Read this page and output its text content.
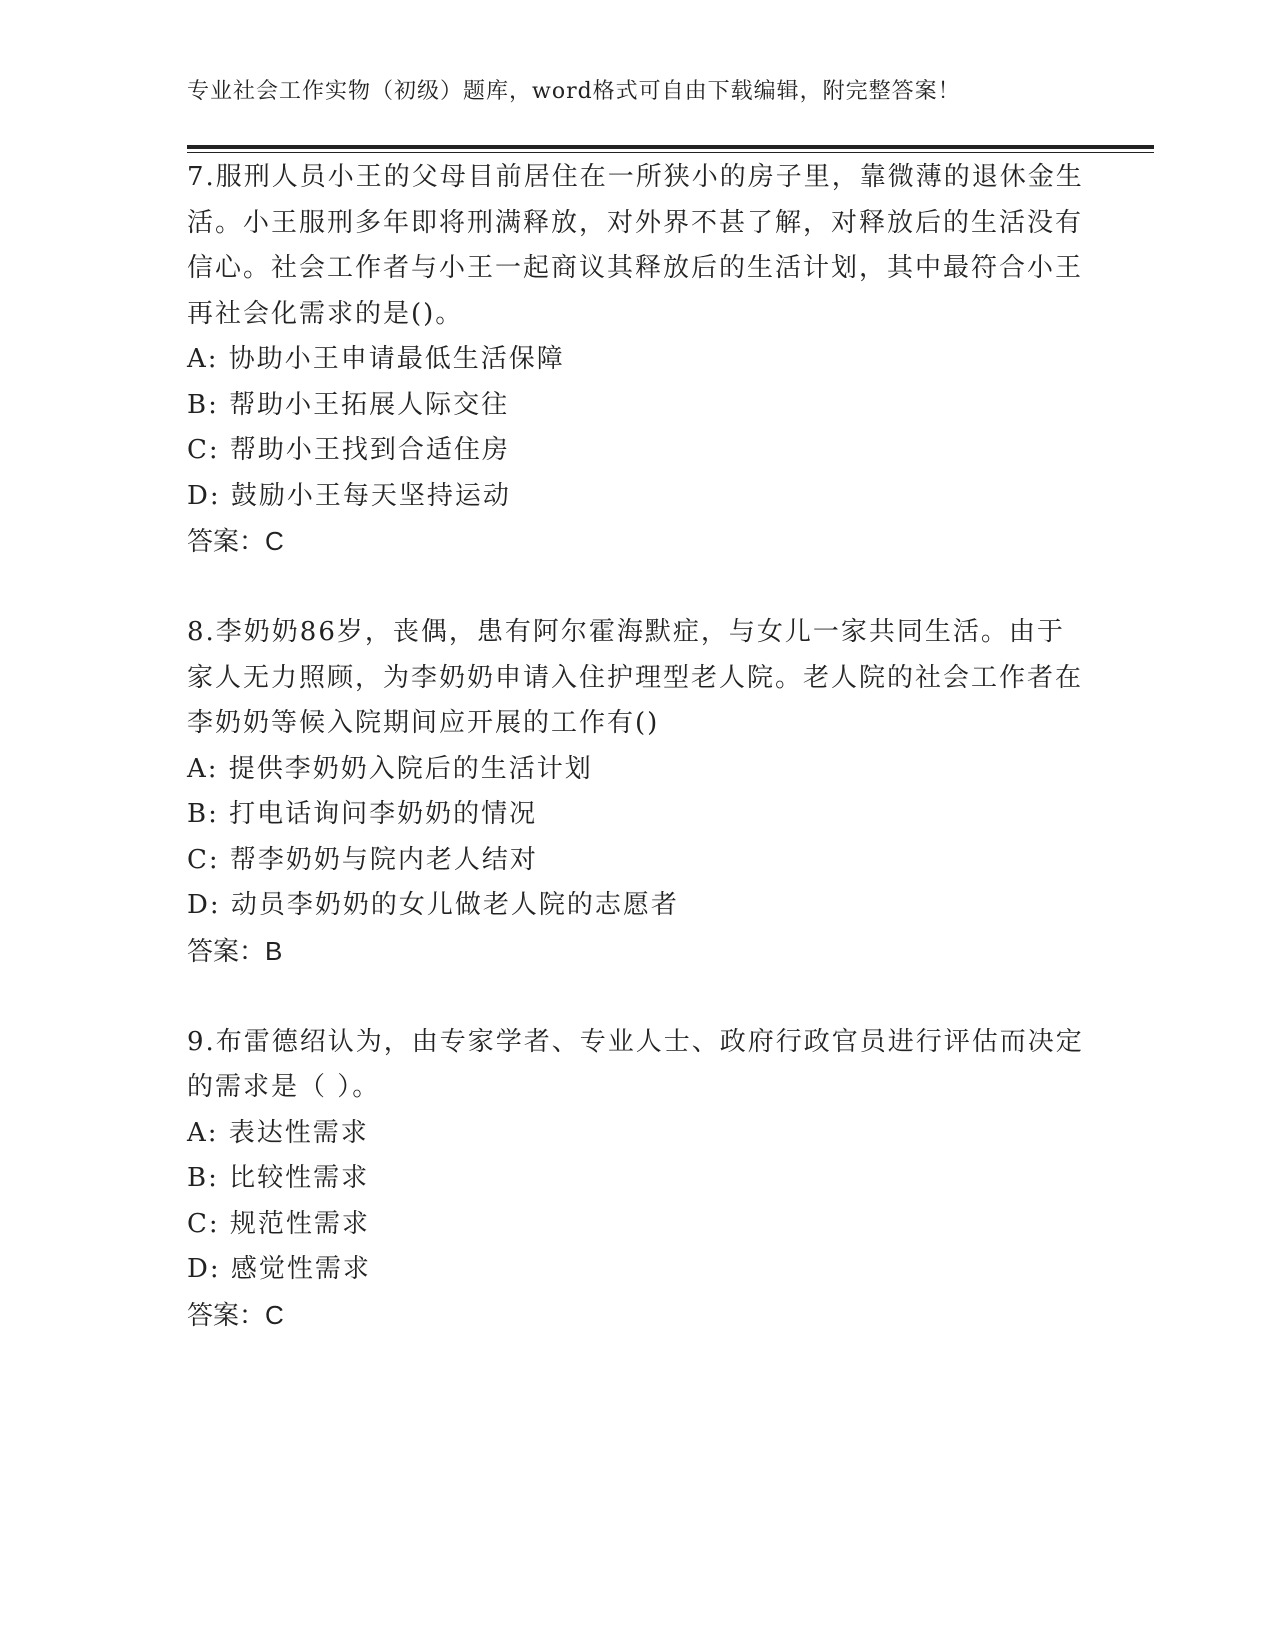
专业社会工作实物（初级）题库，word格式可自由下载编辑，附完整答案！
7.服刑人员小王的父母目前居住在一所狭小的房子里，靠微薄的退休金生活。小王服刑多年即将刑满释放，对外界不甚了解，对释放后的生活没有信心。社会工作者与小王一起商议其释放后的生活计划，其中最符合小王再社会化需求的是()。
A: 协助小王申请最低生活保障
B: 帮助小王拓展人际交往
C: 帮助小王找到合适住房
D: 鼓励小王每天坚持运动
答案：C
8.李奶奶86岁，丧偶，患有阿尔霍海默症，与女儿一家共同生活。由于家人无力照顾，为李奶奶申请入住护理型老人院。老人院的社会工作者在李奶奶等候入院期间应开展的工作有()
A: 提供李奶奶入院后的生活计划
B: 打电话询问李奶奶的情况
C: 帮李奶奶与院内老人结对
D: 动员李奶奶的女儿做老人院的志愿者
答案：B
9.布雷德绍认为，由专家学者、专业人士、政府行政官员进行评估而决定的需求是（ ）。
A: 表达性需求
B: 比较性需求
C: 规范性需求
D: 感觉性需求
答案：C
